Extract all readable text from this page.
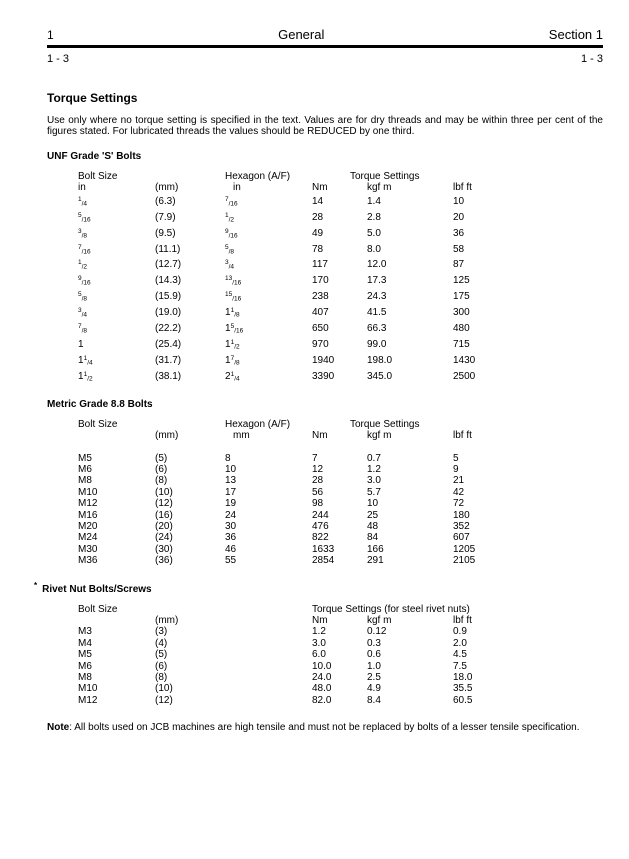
1	General	Section 1
1 - 3	1 - 3
Torque Settings

Use only where no torque setting is specified in the text. Values are for dry threads and may be within three per cent of the figures stated. For lubricated threads the values should be REDUCED by one third.

UNF Grade 'S' Bolts
Bolt Size		Hexagon (A/F)	Torque Settings		
in	(mm)	in	Nm	kgf m	lbf ft
$^1$/4	(6.3)	$^7$/16	14	1.4	10
$^5$/16	(7.9)	$^1$/2	28	2.8	20
$^3$/8	(9.5)	$^9$/16	49	5.0	36
$^7$/16	(11.1)	$^5$/8	78	8.0	58
$^1$/2	(12.7)	$^3$/4	117	12.0	87
$^9$/16	(14.3)	$^{13}$/16	170	17.3	125
$^5$/8	(15.9)	$^{15}$/16	238	24.3	175
$^3$/4	(19.0)	1$^1$/8	407	41.5	300
$^7$/8	(22.2)	1$^5$/16	650	66.3	480
1	(25.4)	1$^1$/2	970	99.0	715
1$^1$/4	(31.7)	1$^7$/8	1940	198.0	1430
1$^1$/2	(38.1)	2$^1$/4	3390	345.0	2500
Metric Grade 8.8 Bolts
Bolt Size		Hexagon (A/F)	Torque Settings		
	(mm)	mm	Nm	kgf m	lbf ft

M5	(5)	8	7	0.7	5
M6	(6)	10	12	1.2	9
M8	(8)	13	28	3.0	21
M10	(10)	17	56	5.7	42
M12	(12)	19	98	10	72
M16	(16)	24	244	25	180
M20	(20)	30	476	48	352
M24	(24)	36	822	84	607
M30	(30)	46	1633	166	1205
M36	(36)	55	2854	291	2105
* Rivet Nut Bolts/Screws
Bolt Size			Torque Settings (for steel rivet nuts)		
	(mm)		Nm	kgf m	lbf ft
M3	(3)		1.2	0.12	0.9
M4	(4)		3.0	0.3	2.0
M5	(5)		6.0	0.6	4.5
M6	(6)		10.0	1.0	7.5
M8	(8)		24.0	2.5	18.0
M10	(10)		48.0	4.9	35.5
M12	(12)		82.0	8.4	60.5

Note: All bolts used on JCB machines are high tensile and must not be replaced by bolts of a lesser tensile specification.
